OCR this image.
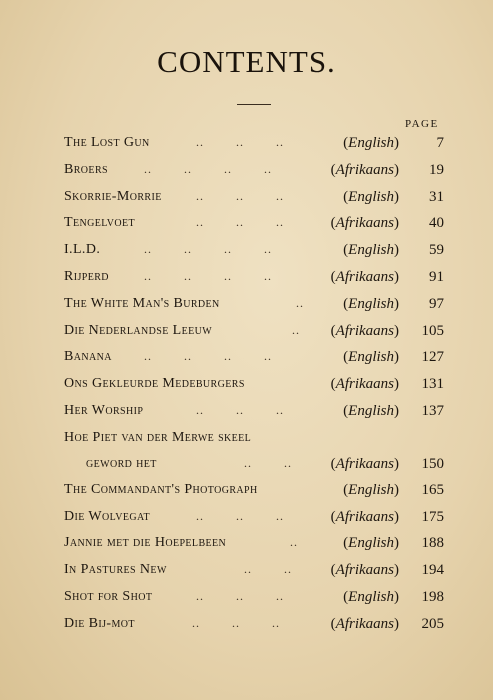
CONTENTS.
PAGE
The Lost Gun	..        ..        ..	(English)	7
Broers	..        ..        ..        ..	(Afrikaans)	19
Skorrie-Morrie	..        ..        ..	(English)	31
Tengelvoet	..        ..        ..	(Afrikaans)	40
I.L.D.	..        ..        ..        ..	(English)	59
Rijperd	..        ..        ..        ..	(Afrikaans)	91
The White Man's Burden	..	(English)	97
Die Nederlandse Leeuw	.. (Afrikaans)	105
Banana	..        ..        ..        ..	(English)	127
Ons Gekleurde Medeburgers	(Afrikaans)	131
Her Worship	..        ..        ..	(English)	137
Hoe Piet van der Merwe skeel
geword het	..        ..	(Afrikaans)	150
The Commandant's Photograph	(English)	165
Die Wolvegat	..        ..        ..	(Afrikaans)	175
Jannie met die Hoepelbeen	..	(English)	188
In Pastures New	..        ..	(Afrikaans)	194
Shot for Shot	..        ..        ..	(English)	198
Die Bij-mot	..        ..        ..	(Afrikaans)	205
